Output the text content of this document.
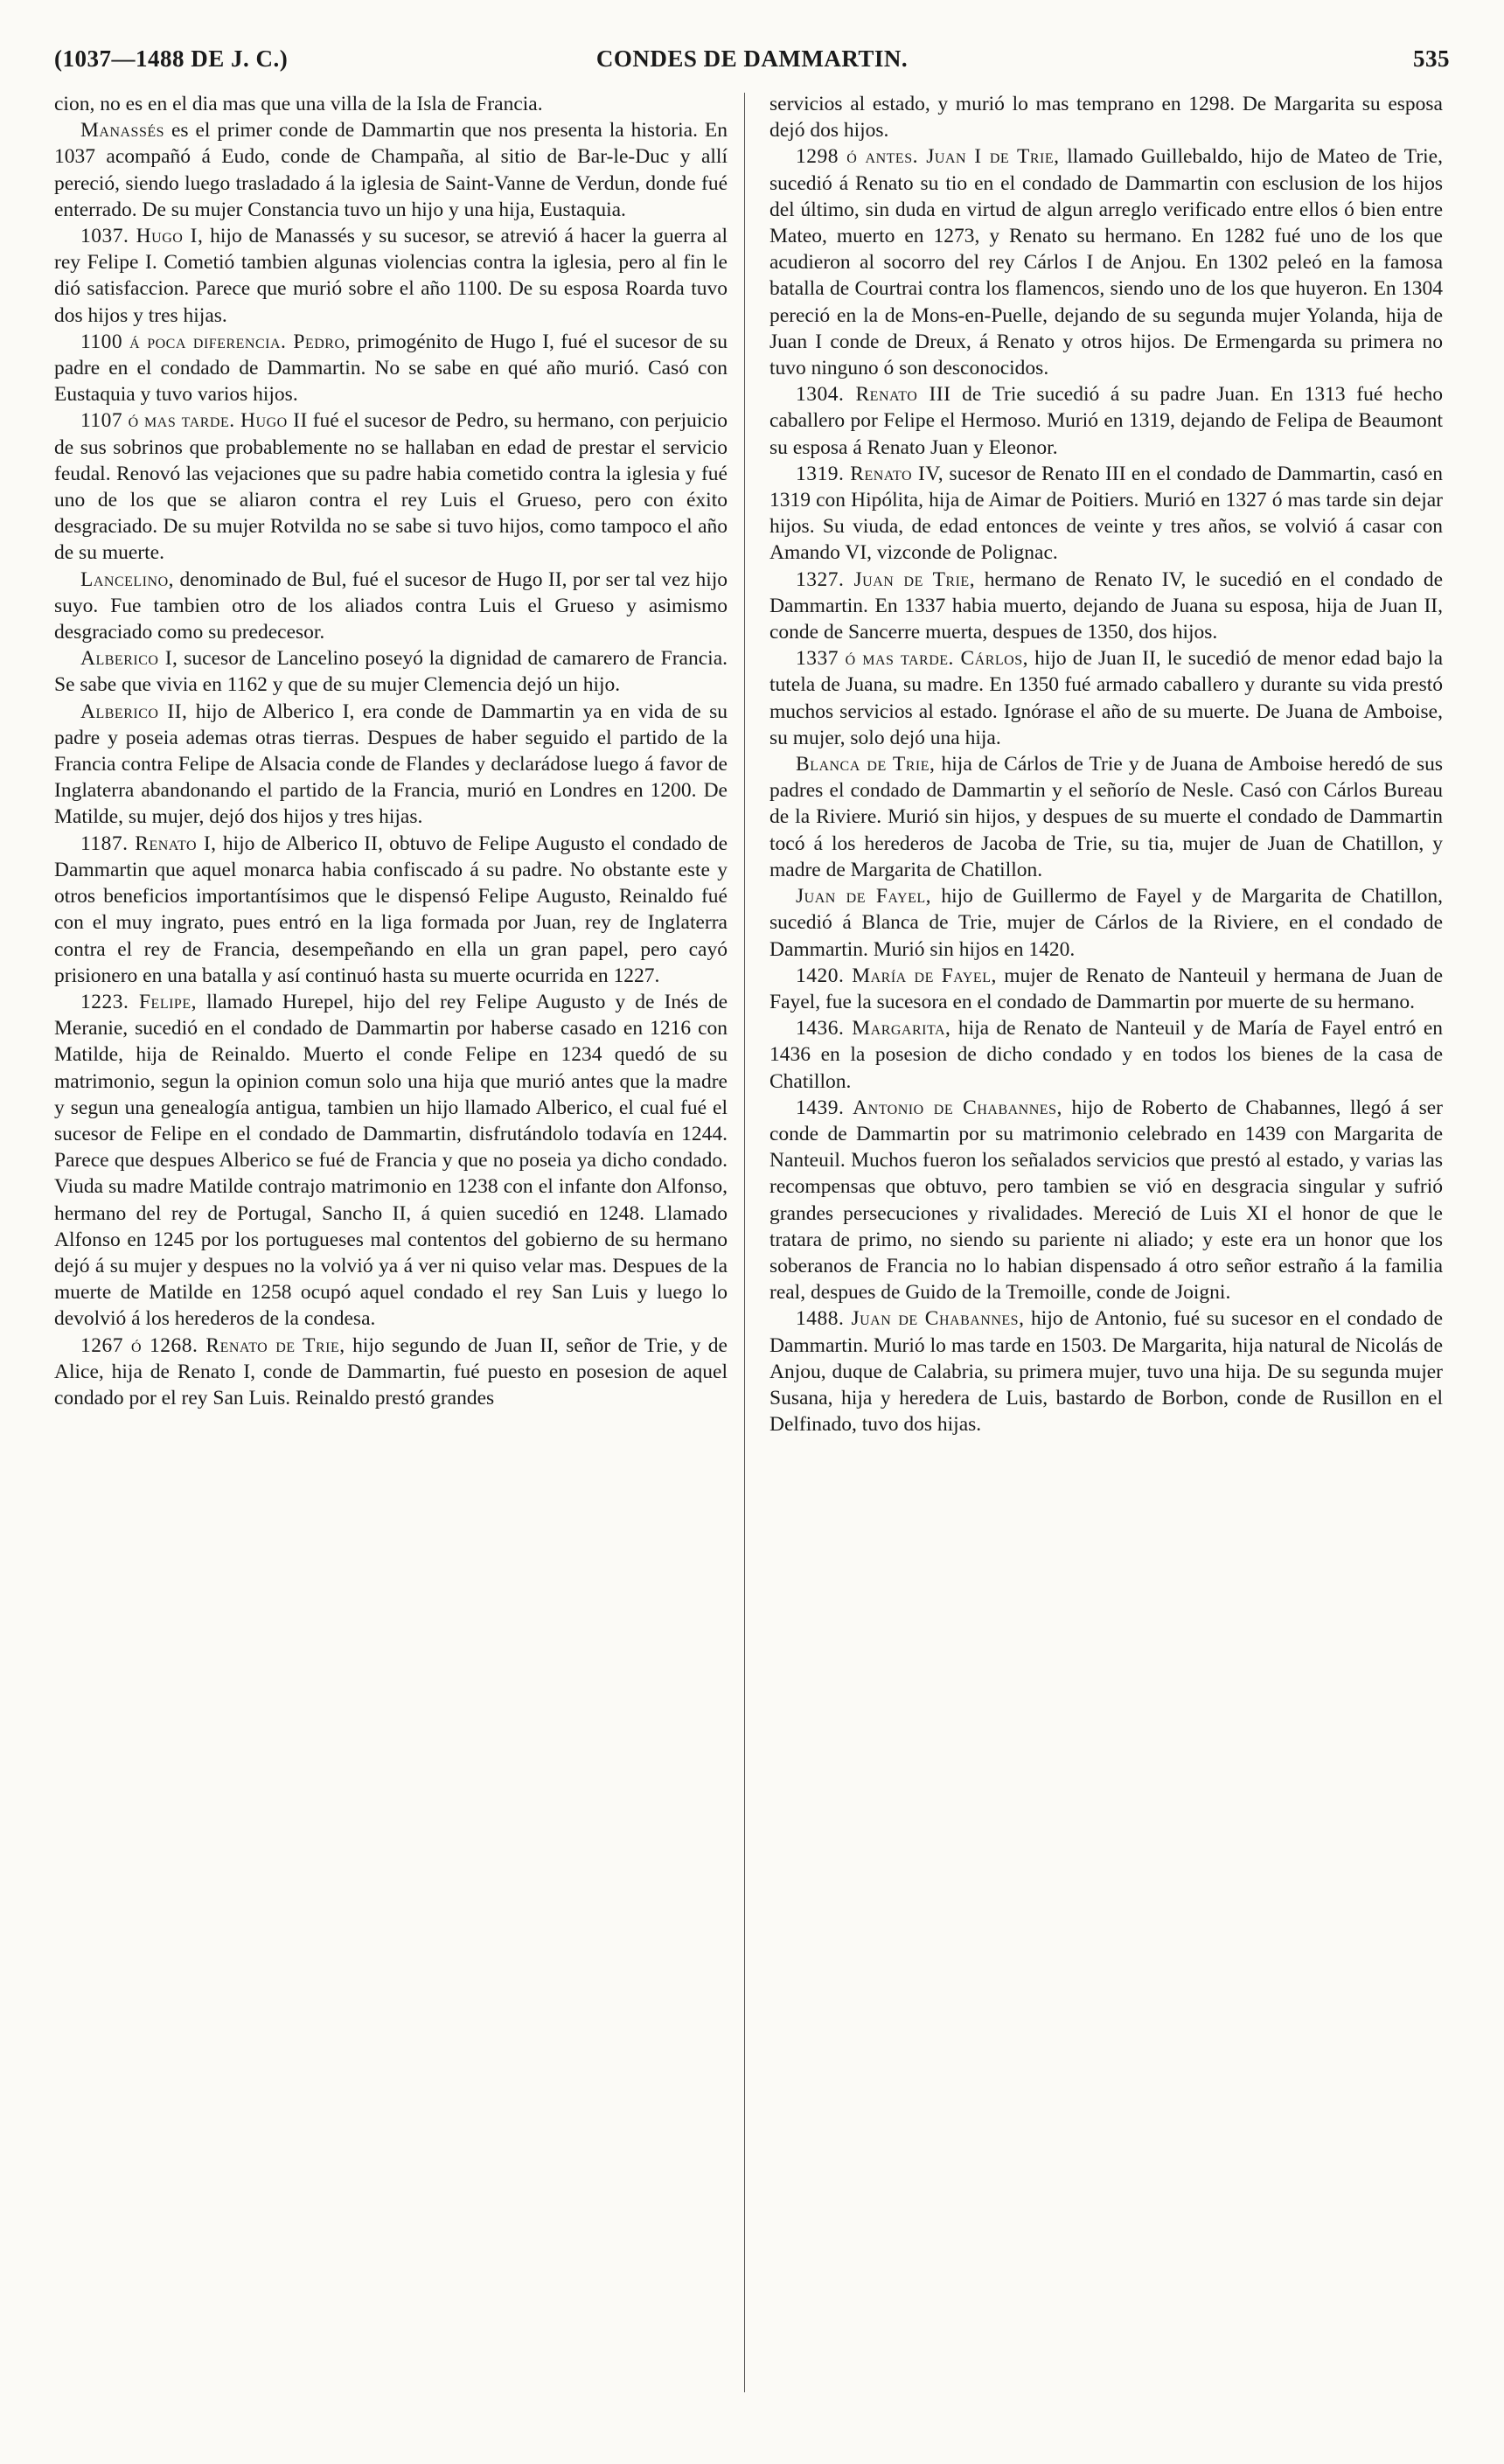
(1037—1488 DE J. C.)	CONDES DE DAMMARTIN.	535

cion, no es en el dia mas que una villa de la Isla de Francia.

Manassés es el primer conde de Dammartin que nos presenta la historia. En 1037 acompañó á Eudo, conde de Champaña, al sitio de Bar-le-Duc y allí pereció, siendo luego trasladado á la iglesia de Saint-Vanne de Verdun, donde fué enterrado. De su mujer Constancia tuvo un hijo y una hija, Eustaquia.

1037. Hugo I, hijo de Manassés y su sucesor, se atrevió á hacer la guerra al rey Felipe I. Cometió tambien algunas violencias contra la iglesia, pero al fin le dió satisfaccion. Parece que murió sobre el año 1100. De su esposa Roarda tuvo dos hijos y tres hijas.

1100 á poca diferencia. Pedro, primogénito de Hugo I, fué el sucesor de su padre en el condado de Dammartin. No se sabe en qué año murió. Casó con Eustaquia y tuvo varios hijos.

1107 ó mas tarde. Hugo II fué el sucesor de Pedro, su hermano, con perjuicio de sus sobrinos que probablemente no se hallaban en edad de prestar el servicio feudal. Renovó las vejaciones que su padre habia cometido contra la iglesia y fué uno de los que se aliaron contra el rey Luis el Grueso, pero con éxito desgraciado. De su mujer Rotvilda no se sabe si tuvo hijos, como tampoco el año de su muerte.

Lancelino, denominado de Bul, fué el sucesor de Hugo II, por ser tal vez hijo suyo. Fue tambien otro de los aliados contra Luis el Grueso y asimismo desgraciado como su predecesor.

Alberico I, sucesor de Lancelino poseyó la dignidad de camarero de Francia. Se sabe que vivia en 1162 y que de su mujer Clemencia dejó un hijo.

Alberico II, hijo de Alberico I, era conde de Dammartin ya en vida de su padre y poseia ademas otras tierras. Despues de haber seguido el partido de la Francia contra Felipe de Alsacia conde de Flandes y declarádose luego á favor de Inglaterra abandonando el partido de la Francia, murió en Londres en 1200. De Matilde, su mujer, dejó dos hijos y tres hijas.

1187. Renato I, hijo de Alberico II, obtuvo de Felipe Augusto el condado de Dammartin que aquel monarca habia confiscado á su padre. No obstante este y otros beneficios importantísimos que le dispensó Felipe Augusto, Reinaldo fué con el muy ingrato, pues entró en la liga formada por Juan, rey de Inglaterra contra el rey de Francia, desempeñando en ella un gran papel, pero cayó prisionero en una batalla y así continuó hasta su muerte ocurrida en 1227.

1223. Felipe, llamado Hurepel, hijo del rey Felipe Augusto y de Inés de Meranie, sucedió en el condado de Dammartin por haberse casado en 1216 con Matilde, hija de Reinaldo. Muerto el conde Felipe en 1234 quedó de su matrimonio, segun la opinion comun solo una hija que murió antes que la madre y segun una genealogía antigua, tambien un hijo llamado Alberico, el cual fué el sucesor de Felipe en el condado de Dammartin, disfrutándolo todavía en 1244. Parece que despues Alberico se fué de Francia y que no poseia ya dicho condado. Viuda su madre Matilde contrajo matrimonio en 1238 con el infante don Alfonso, hermano del rey de Portugal, Sancho II, á quien sucedió en 1248. Llamado Alfonso en 1245 por los portugueses mal contentos del gobierno de su hermano dejó á su mujer y despues no la volvió ya á ver ni quiso velar mas. Despues de la muerte de Matilde en 1258 ocupó aquel condado el rey San Luis y luego lo devolvió á los herederos de la condesa.

1267 ó 1268. Renato de Trie, hijo segundo de Juan II, señor de Trie, y de Alice, hija de Renato I, conde de Dammartin, fué puesto en posesion de aquel condado por el rey San Luis. Reinaldo prestó grandes

servicios al estado, y murió lo mas temprano en 1298. De Margarita su esposa dejó dos hijos.

1298 ó antes. Juan I de Trie, llamado Guillebaldo, hijo de Mateo de Trie, sucedió á Renato su tio en el condado de Dammartin con esclusion de los hijos del último, sin duda en virtud de algun arreglo verificado entre ellos ó bien entre Mateo, muerto en 1273, y Renato su hermano. En 1282 fué uno de los que acudieron al socorro del rey Cárlos I de Anjou. En 1302 peleó en la famosa batalla de Courtrai contra los flamencos, siendo uno de los que huyeron. En 1304 pereció en la de Mons-en-Puelle, dejando de su segunda mujer Yolanda, hija de Juan I conde de Dreux, á Renato y otros hijos. De Ermengarda su primera no tuvo ninguno ó son desconocidos.

1304. Renato III de Trie sucedió á su padre Juan. En 1313 fué hecho caballero por Felipe el Hermoso. Murió en 1319, dejando de Felipa de Beaumont su esposa á Renato Juan y Eleonor.

1319. Renato IV, sucesor de Renato III en el condado de Dammartin, casó en 1319 con Hipólita, hija de Aimar de Poitiers. Murió en 1327 ó mas tarde sin dejar hijos. Su viuda, de edad entonces de veinte y tres años, se volvió á casar con Amando VI, vizconde de Polignac.

1327. Juan de Trie, hermano de Renato IV, le sucedió en el condado de Dammartin. En 1337 habia muerto, dejando de Juana su esposa, hija de Juan II, conde de Sancerre muerta, despues de 1350, dos hijos.

1337 ó mas tarde. Cárlos, hijo de Juan II, le sucedió de menor edad bajo la tutela de Juana, su madre. En 1350 fué armado caballero y durante su vida prestó muchos servicios al estado. Ignórase el año de su muerte. De Juana de Amboise, su mujer, solo dejó una hija.

Blanca de Trie, hija de Cárlos de Trie y de Juana de Amboise heredó de sus padres el condado de Dammartin y el señorío de Nesle. Casó con Cárlos Bureau de la Riviere. Murió sin hijos, y despues de su muerte el condado de Dammartin tocó á los herederos de Jacoba de Trie, su tia, mujer de Juan de Chatillon, y madre de Margarita de Chatillon.

Juan de Fayel, hijo de Guillermo de Fayel y de Margarita de Chatillon, sucedió á Blanca de Trie, mujer de Cárlos de la Riviere, en el condado de Dammartin. Murió sin hijos en 1420.

1420. María de Fayel, mujer de Renato de Nanteuil y hermana de Juan de Fayel, fue la sucesora en el condado de Dammartin por muerte de su hermano.

1436. Margarita, hija de Renato de Nanteuil y de María de Fayel entró en 1436 en la posesion de dicho condado y en todos los bienes de la casa de Chatillon.

1439. Antonio de Chabannes, hijo de Roberto de Chabannes, llegó á ser conde de Dammartin por su matrimonio celebrado en 1439 con Margarita de Nanteuil. Muchos fueron los señalados servicios que prestó al estado, y varias las recompensas que obtuvo, pero tambien se vió en desgracia singular y sufrió grandes persecuciones y rivalidades. Mereció de Luis XI el honor de que le tratara de primo, no siendo su pariente ni aliado; y este era un honor que los soberanos de Francia no lo habian dispensado á otro señor estraño á la familia real, despues de Guido de la Tremoille, conde de Joigni.

1488. Juan de Chabannes, hijo de Antonio, fué su sucesor en el condado de Dammartin. Murió lo mas tarde en 1503. De Margarita, hija natural de Nicolás de Anjou, duque de Calabria, su primera mujer, tuvo una hija. De su segunda mujer Susana, hija y heredera de Luis, bastardo de Borbon, conde de Rusillon en el Delfinado, tuvo dos hijas.
